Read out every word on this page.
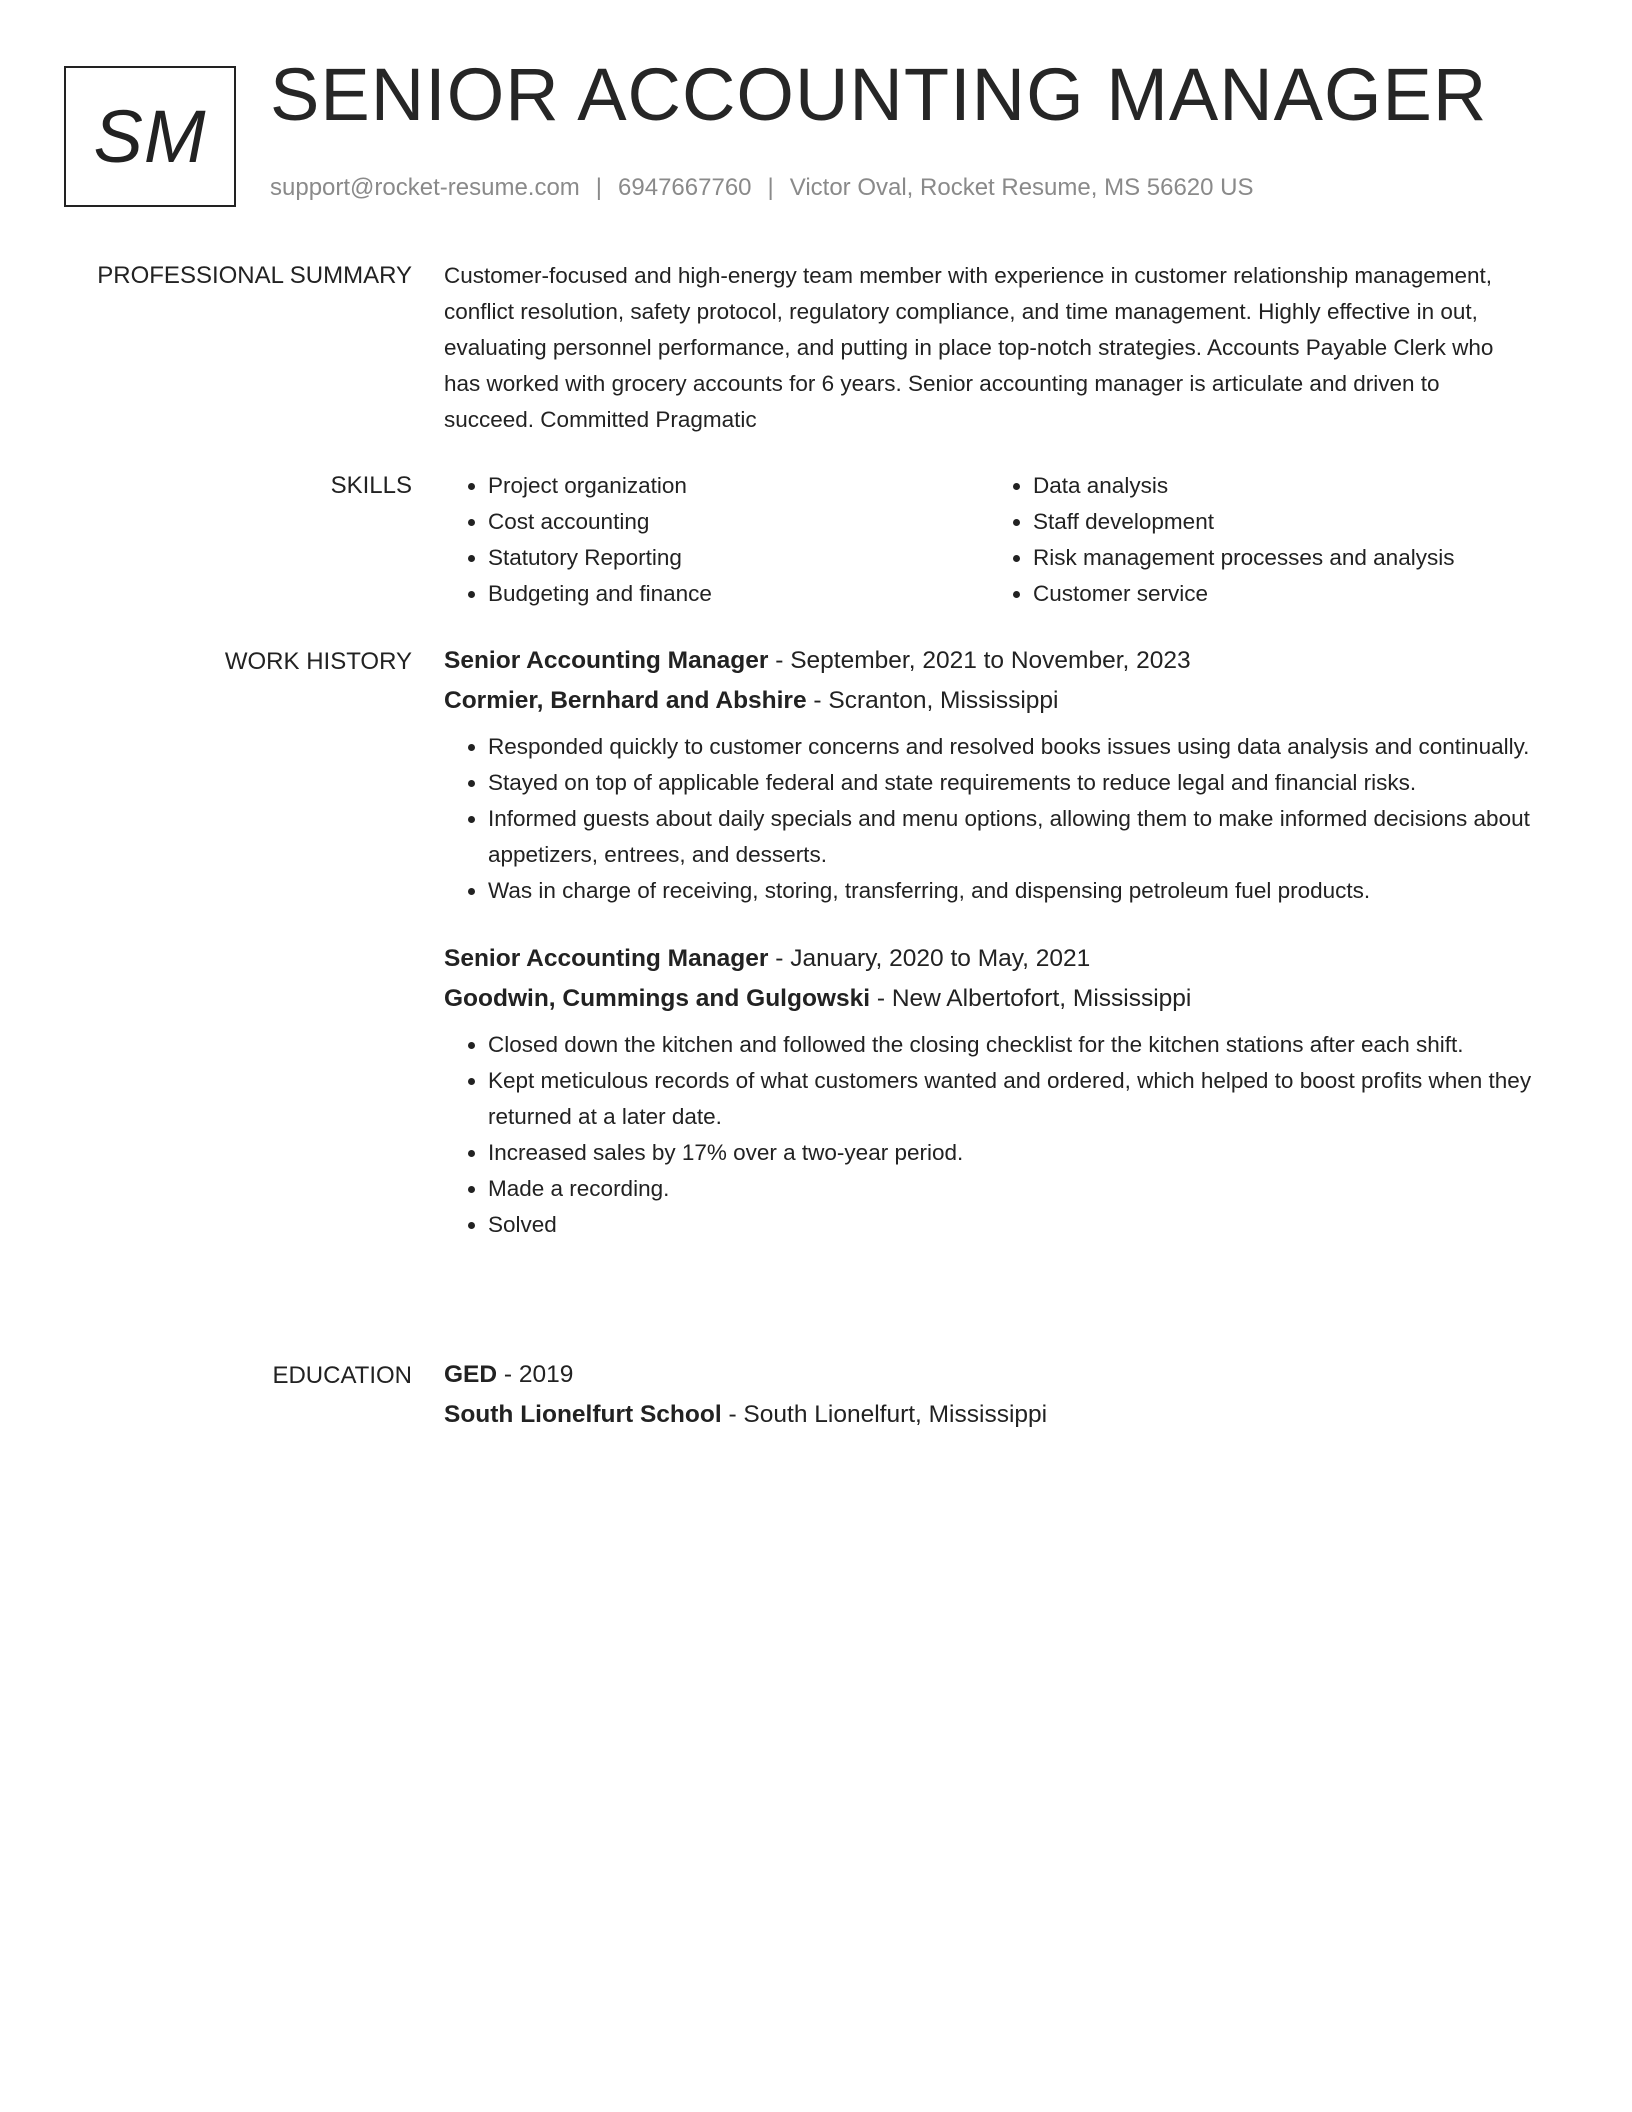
SM
SENIOR ACCOUNTING MANAGER
support@rocket-resume.com | 6947667760 | Victor Oval, Rocket Resume, MS 56620 US
PROFESSIONAL SUMMARY Customer-focused and high-energy team member with experience in customer relationship management, conflict resolution, safety protocol, regulatory compliance, and time management. Highly effective in out, evaluating personnel performance, and putting in place top-notch strategies. Accounts Payable Clerk who has worked with grocery accounts for 6 years. Senior accounting manager is articulate and driven to succeed. Committed Pragmatic

SKILLS
•	Project organization
• Cost accounting
• Statutory Reporting
• Budgeting and finance
• Data analysis
• Staff development
• Risk management processes and analysis
• Customer service
WORK HISTORY Senior Accounting Manager - September, 2021 to November, 2023
Cormier, Bernhard and Abshire - Scranton, Mississippi
• Responded quickly to customer concerns and resolved books issues using data analysis and continually.
• Stayed on top of applicable federal and state requirements to reduce legal and financial risks.
• Informed guests about daily specials and menu options, allowing them to make informed decisions about appetizers, entrees, and desserts.
• Was in charge of receiving, storing, transferring, and dispensing petroleum fuel products.
Senior Accounting Manager - January, 2020 to May, 2021
Goodwin, Cummings and Gulgowski - New Albertofort, Mississippi
• Closed down the kitchen and followed the closing checklist for the kitchen stations after each shift.
• Kept meticulous records of what customers wanted and ordered, which helped to boost profits when they returned at a later date.
• Increased sales by 17% over a two-year period.
• Made a recording.
• Solved
EDUCATION GED - 2019
South Lionelfurt School - South Lionelfurt, Mississippi
